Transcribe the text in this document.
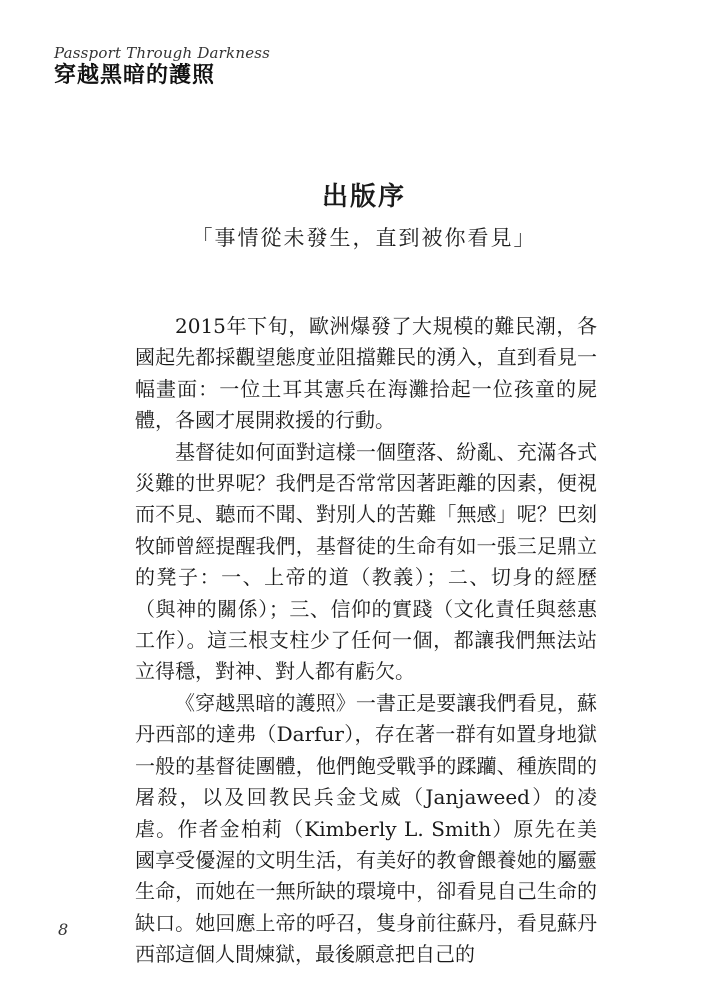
Passport Through Darkness
穿越黑暗的護照
出版序
「事情從未發生，直到被你看見」

2015年下旬，歐洲爆發了大規模的難民潮，各國起先都採觀望態度並阻擋難民的湧入，直到看見一幅畫面：一位土耳其憲兵在海灘拾起一位孩童的屍體，各國才展開救援的行動。

基督徒如何面對這樣一個墮落、紛亂、充滿各式災難的世界呢？我們是否常常因著距離的因素，便視而不見、聽而不聞、對別人的苦難「無感」呢？巴刻牧師曾經提醒我們，基督徒的生命有如一張三足鼎立的凳子：一、上帝的道（教義）；二、切身的經歷（與神的關係）；三、信仰的實踐（文化責任與慈惠工作）。這三根支柱少了任何一個，都讓我們無法站立得穩，對神、對人都有虧欠。

《穿越黑暗的護照》一書正是要讓我們看見，蘇丹西部的達弗（Darfur），存在著一群有如置身地獄一般的基督徒團體，他們飽受戰爭的蹂躪、種族間的屠殺，以及回教民兵金戈威（Janjaweed）的凌虐。作者金柏莉（Kimberly L. Smith）原先在美國享受優渥的文明生活，有美好的教會餵養她的屬靈生命，而她在一無所缺的環境中，卻看見自己生命的缺口。她回應上帝的呼召，隻身前往蘇丹，看見蘇丹西部這個人間煉獄，最後願意把自己的

8
